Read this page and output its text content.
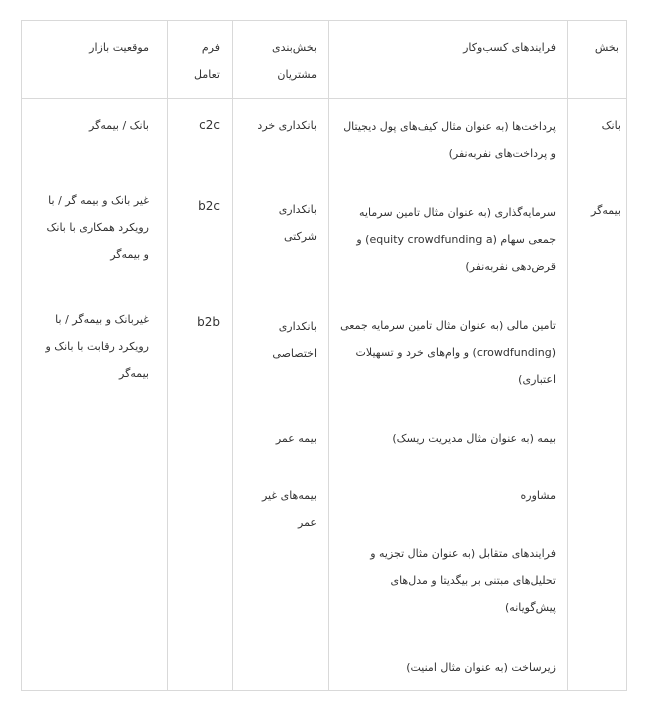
بخش
فرایندهای کسب‌و‌کار
بخش‌بندی
مشتریان
فرم
تعامل
موقعیت بازار
بانک
بیمه‌گر
پرداخت‌ها (به عنوان مثال کیف‌های پول دیجیتال
و پرداخت‌های نفر‌به‌نفر)
سرمایه‌گذاری (به عنوان مثال تامین سرمایه
جمعی سهام (equity crowdfunding a) و
قرض‌دهی نفر‌به‌نفر)
تامین مالی (به عنوان مثال تامین سرمایه جمعی
(crowdfunding) و وام‌های خرد و تسهیلات
اعتباری)
بیمه (به عنوان مثال مدیریت ریسک)
مشاوره
فرایندهای متقابل (به عنوان مثال تجزیه و
تحلیل‌های مبتنی بر بیگدیتا و مدل‌های
پیش‌گویانه)
زیرساخت (به عنوان مثال امنیت)
بانکداری خرد
بانکداری
شرکتی
بانکداری
اختصاصی
بیمه عمر
بیمه‌های غیر
عمر
c2c
b2c
b2b
بانک / بیمه‌گر
غیر بانک و بیمه گر / با
رویکرد همکاری با بانک
و بیمه‌گر
غیربانک و بیمه‌گر / با
رویکرد رقابت با بانک و
بیمه‌گر
